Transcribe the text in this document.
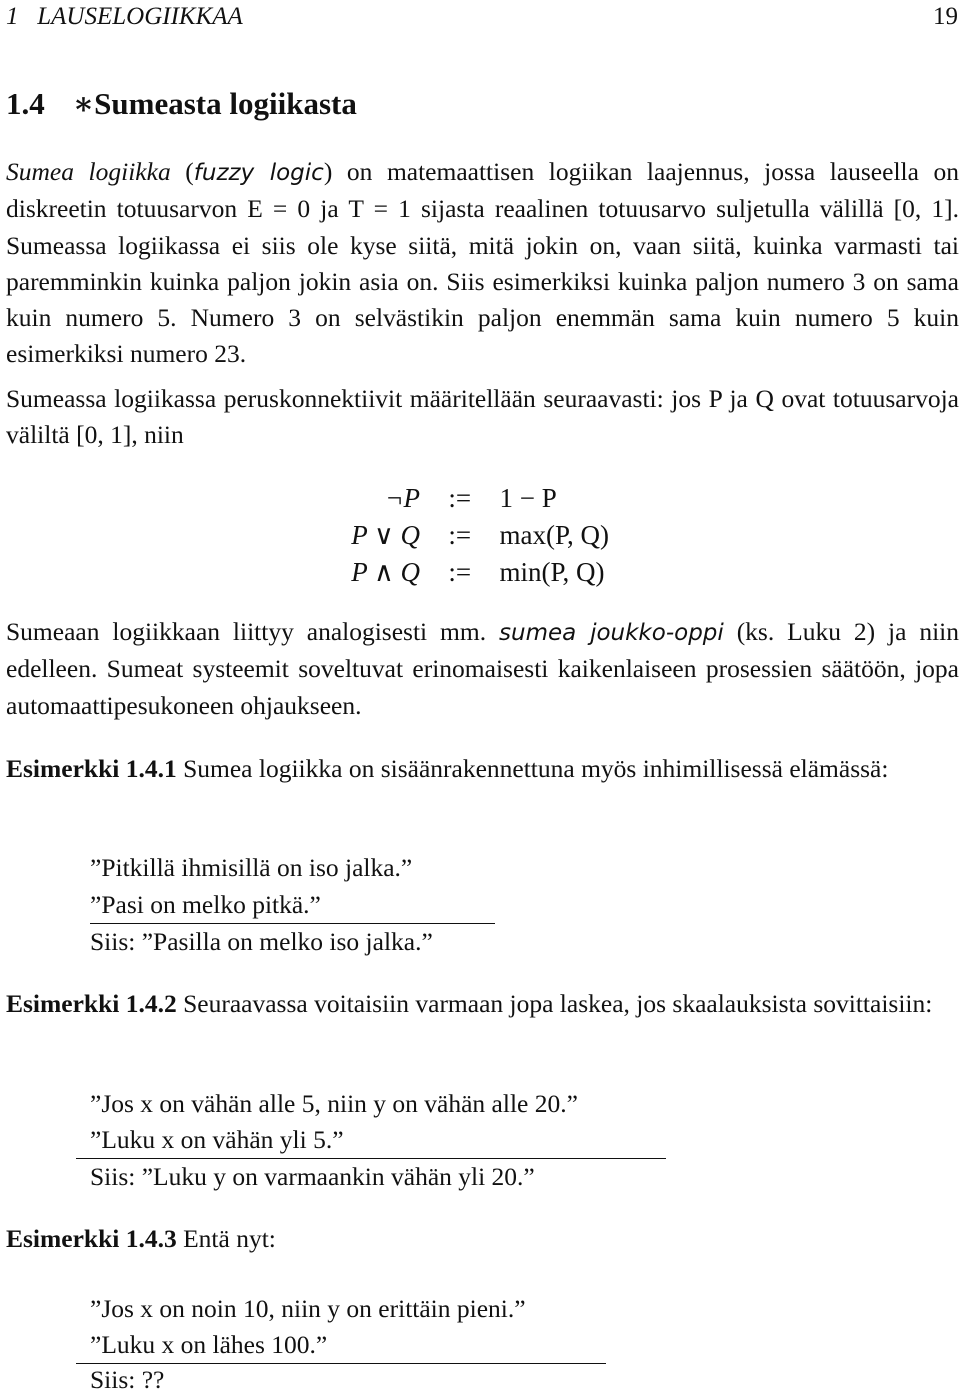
1   LAUSELOGIIKKAA	19
1.4 ∗Sumeasta logiikasta
Sumea logiikka (fuzzy logic) on matemaattisen logiikan laajennus, jossa lauseella on diskreetin totuusarvon E = 0 ja T = 1 sijasta reaalinen totuusarvo suljetulla välillä [0, 1]. Sumeassa logiikassa ei siis ole kyse siitä, mitä jokin on, vaan siitä, kuinka varmasti tai paremminkin kuinka paljon jokin asia on. Siis esimerkiksi kuinka paljon numero 3 on sama kuin numero 5. Numero 3 on selvästikin paljon enemmän sama kuin numero 5 kuin esimerkiksi numero 23.
Sumeassa logiikassa peruskonnektiivit määritellään seuraavasti: jos P ja Q ovat totuusarvoja väliltä [0, 1], niin
¬P := 1 − P
P ∨ Q := max(P, Q)
P ∧ Q := min(P, Q)
Sumeaan logiikkaan liittyy analogisesti mm. sumea joukko-oppi (ks. Luku 2) ja niin edelleen. Sumeat systeemit soveltuvat erinomaisesti kaikenlaiseen prosessien säätöön, jopa automaattipesukoneen ohjaukseen.
Esimerkki 1.4.1 Sumea logiikka on sisäänrakennettuna myös inhimillisessä elämässä:
”Pitkillä ihmisillä on iso jalka.”
”Pasi on melko pitkä.”
Siis: ”Pasilla on melko iso jalka.”
Esimerkki 1.4.2 Seuraavassa voitaisiin varmaan jopa laskea, jos skaalauksista sovittaisiin:
”Jos x on vähän alle 5, niin y on vähän alle 20.”
”Luku x on vähän yli 5.”
Siis: ”Luku y on varmaankin vähän yli 20.”
Esimerkki 1.4.3 Entä nyt:
”Jos x on noin 10, niin y on erittäin pieni.”
”Luku x on lähes 100.”
Siis: ??
